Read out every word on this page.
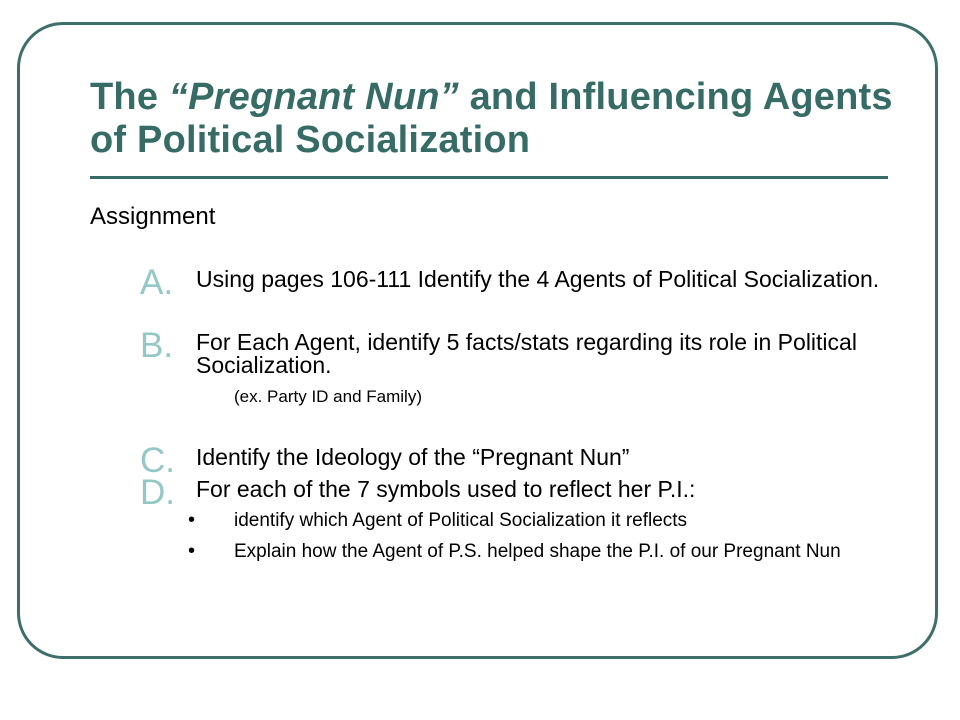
The “Pregnant Nun” and Influencing Agents of Political Socialization
Assignment
A. Using pages 106-111 Identify the 4 Agents of Political Socialization.
B. For Each Agent, identify 5 facts/stats regarding its role in Political Socialization.
(ex. Party ID and Family)
C. Identify the Ideology of the “Pregnant Nun”
D. For each of the 7 symbols used to reflect her P.I.:
•	identify which Agent of Political Socialization it reflects
•	Explain how the Agent of P.S. helped shape the P.I. of our Pregnant Nun
